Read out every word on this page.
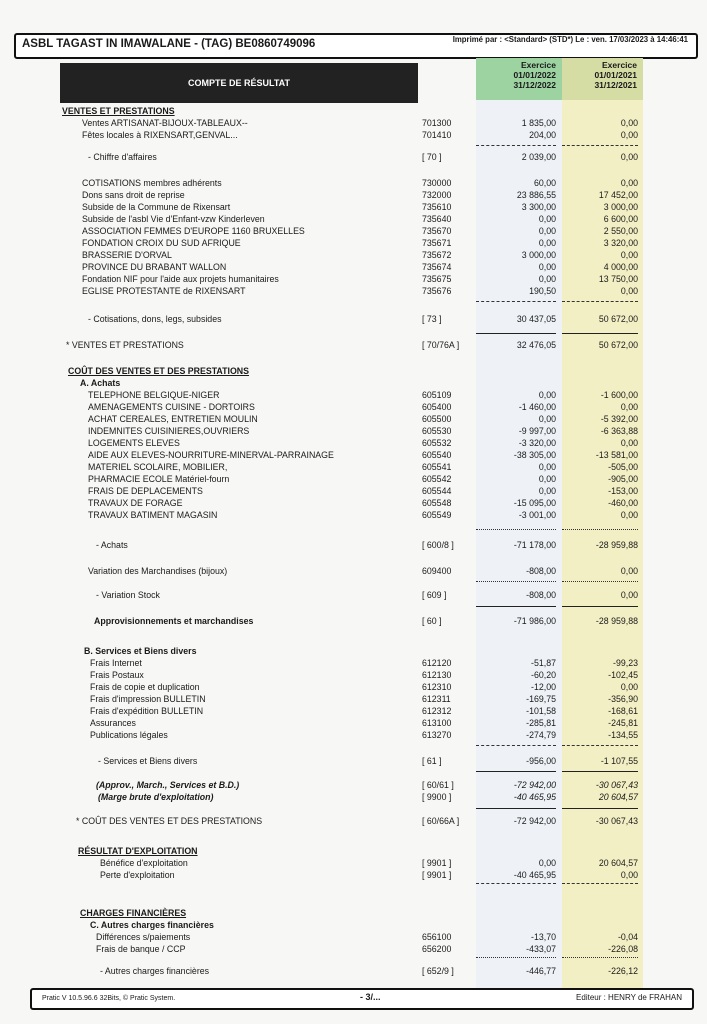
ASBL TAGAST IN IMAWALANE - (TAG) BE0860749096	Imprimé par : <Standard> (STD*) Le : ven. 17/03/2023 à 14:46:41
COMPTE DE RÉSULTAT
Exercice
01/01/2022
31/12/2022
Exercice
01/01/2021
31/12/2021
VENTES ET PRESTATIONS
Ventes ARTISANAT-BIJOUX-TABLEAUX--	701300	1 835,00	0,00
Fêtes locales à RIXENSART,GENVAL...	701410	204,00	0,00
- Chiffre d'affaires	[ 70 ]	2 039,00	0,00
COTISATIONS membres adhérents	730000	60,00	0,00
Dons sans droit de reprise	732000	23 886,55	17 452,00
Subside de la Commune de Rixensart	735610	3 300,00	3 000,00
Subside de l'asbl Vie d'Enfant-vzw Kinderleven	735640	0,00	6 600,00
ASSOCIATION FEMMES D'EUROPE 1160 BRUXELLES	735670	0,00	2 550,00
FONDATION CROIX DU SUD AFRIQUE	735671	0,00	3 320,00
BRASSERIE D'ORVAL	735672	3 000,00	0,00
PROVINCE DU BRABANT WALLON	735674	0,00	4 000,00
Fondation NIF pour l'aide aux projets humanitaires	735675	0,00	13 750,00
EGLISE PROTESTANTE de RIXENSART	735676	190,50	0,00
- Cotisations, dons, legs, subsides	[ 73 ]	30 437,05	50 672,00
* VENTES ET PRESTATIONS	[ 70/76A ]	32 476,05	50 672,00
COÛT DES VENTES ET DES PRESTATIONS
A. Achats
TELEPHONE BELGIQUE-NIGER	605109	0,00	-1 600,00
AMENAGEMENTS CUISINE - DORTOIRS	605400	-1 460,00	0,00
ACHAT CEREALES, ENTRETIEN MOULIN	605500	0,00	-5 392,00
INDEMNITES CUISINIERES,OUVRIERS	605530	-9 997,00	-6 363,88
LOGEMENTS ELEVES	605532	-3 320,00	0,00
AIDE AUX ELEVES-NOURRITURE-MINERVAL-PARRAINAGE	605540	-38 305,00	-13 581,00
MATERIEL SCOLAIRE, MOBILIER,	605541	0,00	-505,00
PHARMACIE ECOLE Matériel-fourn	605542	0,00	-905,00
FRAIS DE DEPLACEMENTS	605544	0,00	-153,00
TRAVAUX DE FORAGE	605548	-15 095,00	-460,00
TRAVAUX BATIMENT MAGASIN	605549	-3 001,00	0,00
- Achats	[ 600/8 ]	-71 178,00	-28 959,88
Variation des Marchandises (bijoux)	609400	-808,00	0,00
- Variation Stock	[ 609 ]	-808,00	0,00
Approvisionnements et marchandises	[ 60 ]	-71 986,00	-28 959,88
B. Services et Biens divers
Frais Internet	612120	-51,87	-99,23
Frais Postaux	612130	-60,20	-102,45
Frais de copie et duplication	612310	-12,00	0,00
Frais d'impression BULLETIN	612311	-169,75	-356,90
Frais d'expédition BULLETIN	612312	-101,58	-168,61
Assurances	613100	-285,81	-245,81
Publications légales	613270	-274,79	-134,55
- Services et Biens divers	[ 61 ]	-956,00	-1 107,55
(Approv., March., Services et B.D.)	[ 60/61 ]	-72 942,00	-30 067,43
(Marge brute d'exploitation)	[ 9900 ]	-40 465,95	20 604,57
* COÛT DES VENTES ET DES PRESTATIONS	[ 60/66A ]	-72 942,00	-30 067,43
RÉSULTAT D'EXPLOITATION
Bénéfice d'exploitation	[ 9901 ]	0,00	20 604,57
Perte d'exploitation	[ 9901 ]	-40 465,95	0,00
CHARGES FINANCIÈRES
C. Autres charges financières
Différences s/paiements	656100	-13,70	-0,04
Frais de banque / CCP	656200	-433,07	-226,08
- Autres charges financières	[ 652/9 ]	-446,77	-226,12
Pratic V 10.5.96.6 32Bits, © Pratic System.	- 3/...	Editeur : HENRY de FRAHAN
